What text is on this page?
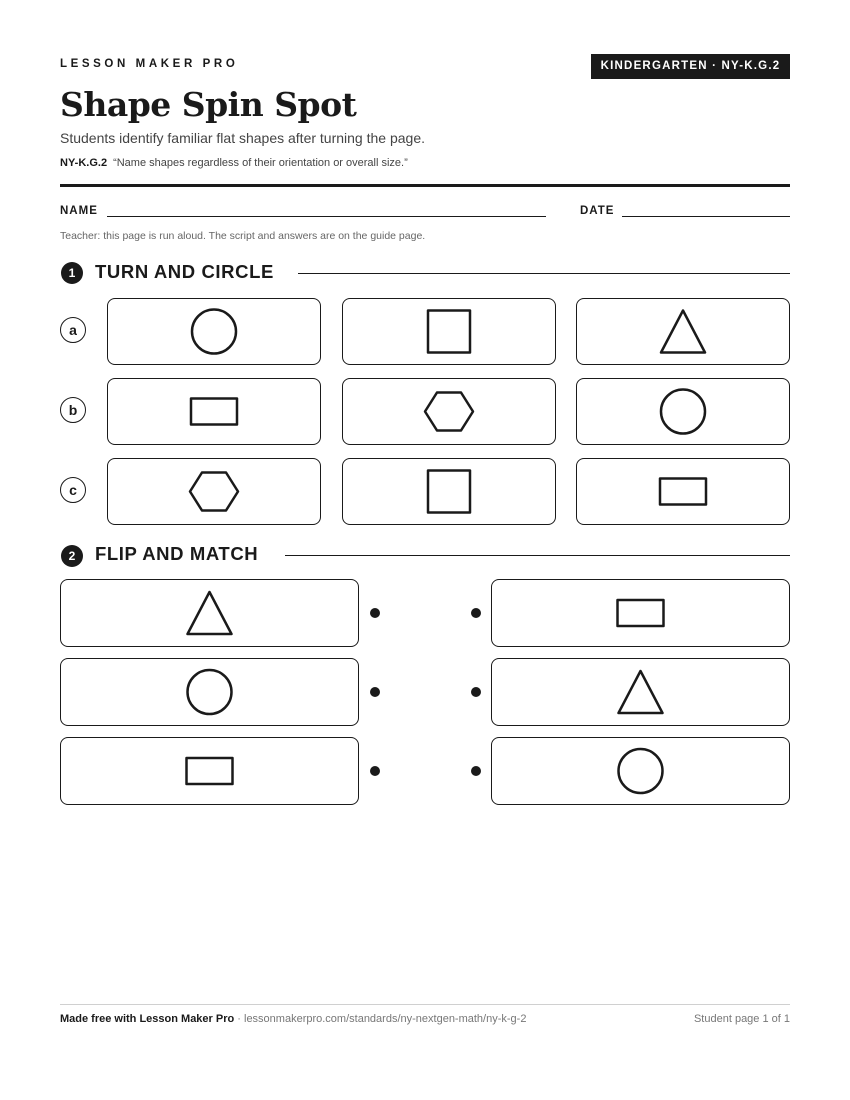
LESSON MAKER PRO	KINDERGARTEN · NY-K.G.2
Shape Spin Spot
Students identify familiar flat shapes after turning the page.
NY-K.G.2 “Name shapes regardless of their orientation or overall size.”
NAME	DATE
Teacher: this page is run aloud. The script and answers are on the guide page.
1	TURN AND CIRCLE
a
b
c
2	FLIP AND MATCH
Made free with Lesson Maker Pro · lessonmakerpro.com/standards/ny-nextgen-math/ny-k-g-2	Student page 1 of 1
